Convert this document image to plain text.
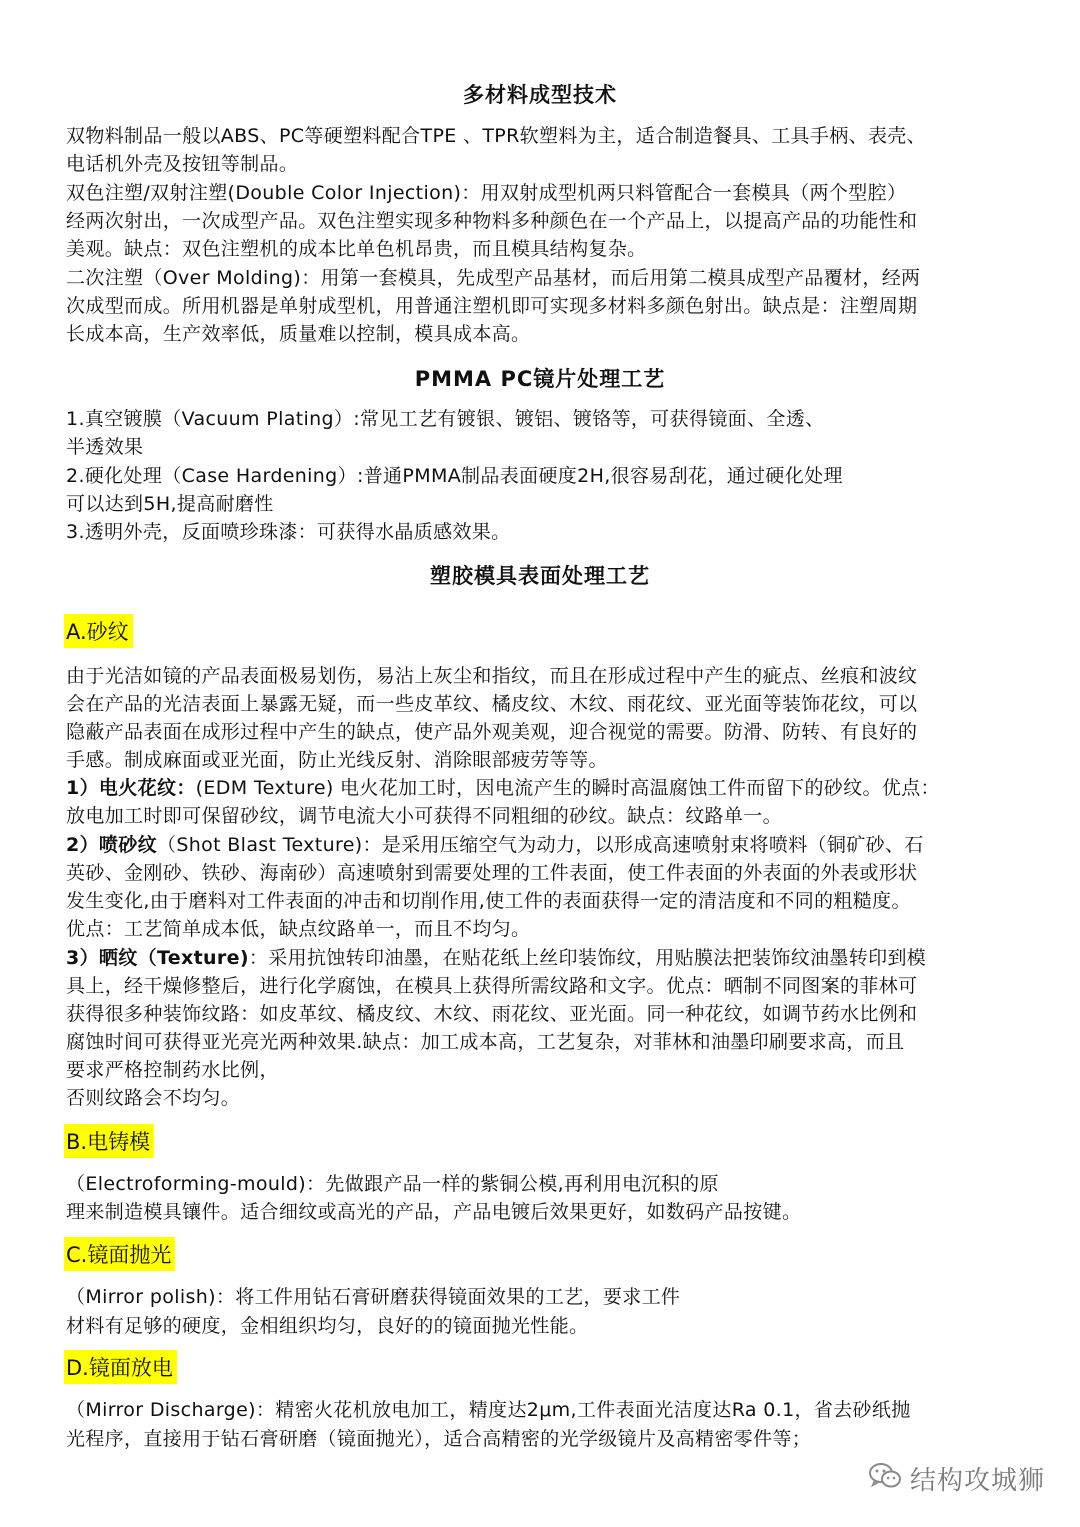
多材料成型技术

双物料制品一般以ABS、PC等硬塑料配合TPE 、TPR软塑料为主，适合制造餐具、工具手柄、表壳、

电话机外壳及按钮等制品。

双色注塑/双射注塑(Double Color Injection)：用双射成型机两只料管配合一套模具（两个型腔）

经两次射出，一次成型产品。双色注塑实现多种物料多种颜色在一个产品上，以提高产品的功能性和

美观。缺点：双色注塑机的成本比单色机昂贵，而且模具结构复杂。

二次注塑（Over Molding)：用第一套模具，先成型产品基材，而后用第二模具成型产品覆材，经两

次成型而成。所用机器是单射成型机，用普通注塑机即可实现多材料多颜色射出。缺点是：注塑周期

长成本高，生产效率低，质量难以控制，模具成本高。

PMMA PC镜片处理工艺

1.真空镀膜（Vacuum Plating）:常见工艺有镀银、镀铝、镀铬等，可获得镜面、全透、

半透效果

2.硬化处理（Case Hardening）:普通PMMA制品表面硬度2H,很容易刮花，通过硬化处理

可以达到5H,提高耐磨性

3.透明外壳，反面喷珍珠漆：可获得水晶质感效果。

塑胶模具表面处理工艺
A.砂纹

由于光洁如镜的产品表面极易划伤，易沾上灰尘和指纹，而且在形成过程中产生的疵点、丝痕和波纹

会在产品的光洁表面上暴露无疑，而一些皮革纹、橘皮纹、木纹、雨花纹、亚光面等装饰花纹，可以

隐蔽产品表面在成形过程中产生的缺点，使产品外观美观，迎合视觉的需要。防滑、防转、有良好的

手感。制成麻面或亚光面，防止光线反射、消除眼部疲劳等等。

1）电火花纹：(EDM Texture) 电火花加工时，因电流产生的瞬时高温腐蚀工件而留下的砂纹。优点：

放电加工时即可保留砂纹，调节电流大小可获得不同粗细的砂纹。缺点：纹路单一。

2）喷砂纹（Shot Blast Texture)：是采用压缩空气为动力，以形成高速喷射束将喷料（铜矿砂、石

英砂、金刚砂、铁砂、海南砂）高速喷射到需要处理的工件表面，使工件表面的外表面的外表或形状

发生变化,由于磨料对工件表面的冲击和切削作用,使工件的表面获得一定的清洁度和不同的粗糙度。

优点：工艺简单成本低，缺点纹路单一，而且不均匀。

3）晒纹（Texture)：采用抗蚀转印油墨，在贴花纸上丝印装饰纹，用贴膜法把装饰纹油墨转印到模

具上，经干燥修整后，进行化学腐蚀，在模具上获得所需纹路和文字。优点：晒制不同图案的菲林可

获得很多种装饰纹路：如皮革纹、橘皮纹、木纹、雨花纹、亚光面。同一种花纹，如调节药水比例和

腐蚀时间可获得亚光亮光两种效果.缺点：加工成本高，工艺复杂，对菲林和油墨印刷要求高，而且

要求严格控制药水比例，

否则纹路会不均匀。

B.电铸模

（Electroforming-mould)：先做跟产品一样的紫铜公模,再利用电沉积的原

理来制造模具镶件。适合细纹或高光的产品，产品电镀后效果更好，如数码产品按键。

C.镜面抛光

（Mirror polish)：将工件用钻石膏研磨获得镜面效果的工艺，要求工件

材料有足够的硬度，金相组织均匀，良好的的镜面抛光性能。

D.镜面放电

（Mirror Discharge)：精密火花机放电加工，精度达2μm,工件表面光洁度达Ra 0.1，省去砂纸抛

光程序，直接用于钻石膏研磨（镜面抛光），适合高精密的光学级镜片及高精密零件等；

结构攻城狮
